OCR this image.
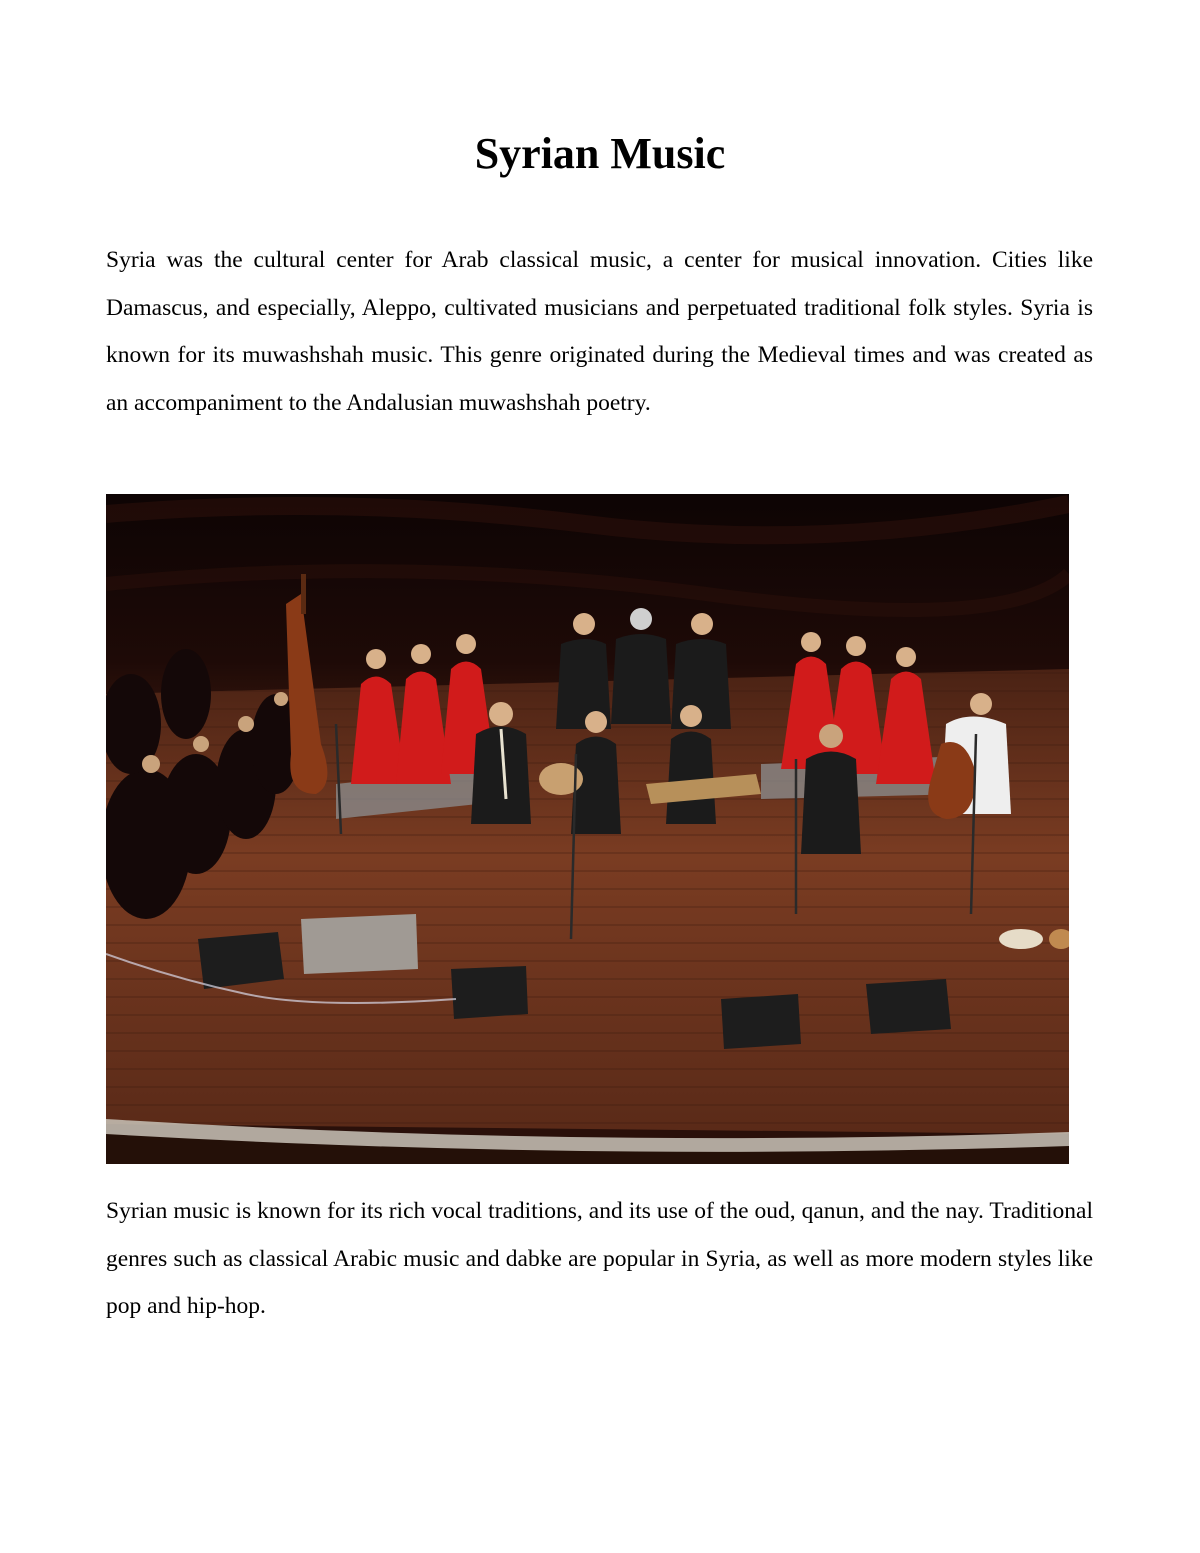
Syrian Music

Syria was the cultural center for Arab classical music, a center for musical innovation. Cities like Damascus, and especially, Aleppo, cultivated musicians and perpetuated traditional folk styles. Syria is known for its muwashshah music. This genre originated during the Medieval times and was created as an accompaniment to the Andalusian muwashshah poetry.

Syrian music is known for its rich vocal traditions, and its use of the oud, qanun, and the nay. Traditional genres such as classical Arabic music and dabke are popular in Syria, as well as more modern styles like pop and hip-hop.
